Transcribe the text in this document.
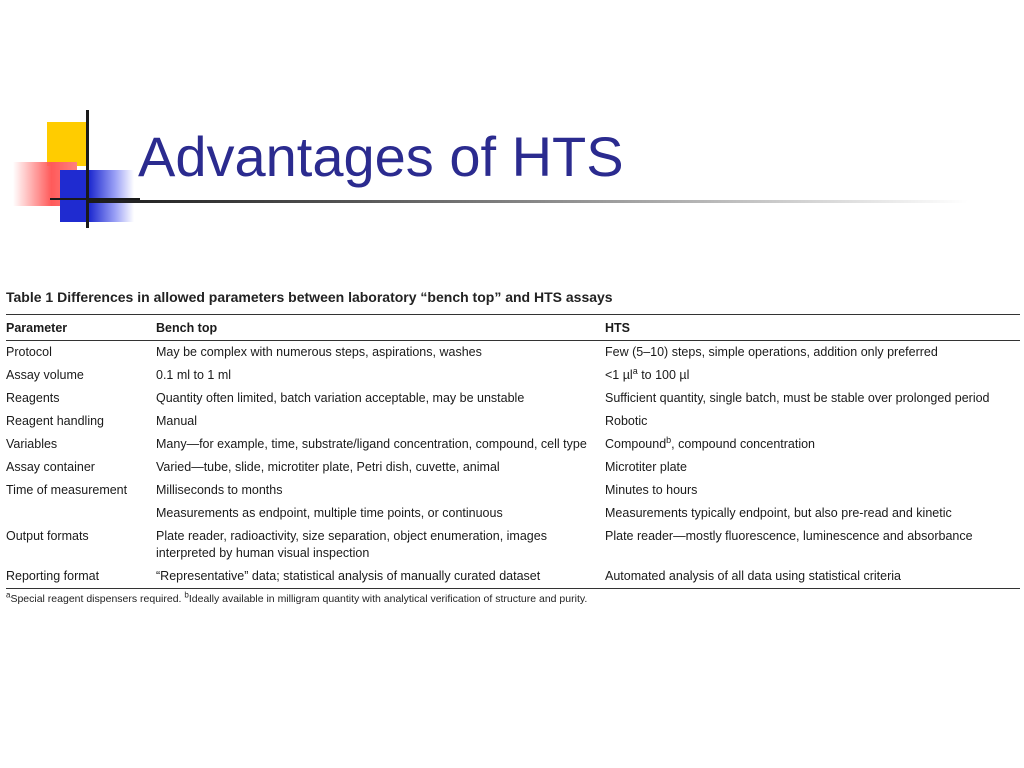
Advantages of HTS
Table 1 Differences in allowed parameters between laboratory “bench top” and HTS assays
Parameter	Bench top	HTS
Protocol	May be complex with numerous steps, aspirations, washes	Few (5–10) steps, simple operations, addition only preferred
Assay volume	0.1 ml to 1 ml	<1 µl$^a$ to 100 µl
Reagents	Quantity often limited, batch variation acceptable, may be unstable	Sufficient quantity, single batch, must be stable over prolonged period
Reagent handling	Manual	Robotic
Variables	Many—for example, time, substrate/ligand concentration, compound, cell type	Compound$^b$, compound concentration
Assay container	Varied—tube, slide, microtiter plate, Petri dish, cuvette, animal	Microtiter plate
Time of measurement	Milliseconds to months	Minutes to hours
	Measurements as endpoint, multiple time points, or continuous	Measurements typically endpoint, but also pre-read and kinetic
Output formats	Plate reader, radioactivity, size separation, object enumeration, images interpreted by human visual inspection	Plate reader—mostly fluorescence, luminescence and absorbance
Reporting format	“Representative” data; statistical analysis of manually curated dataset	Automated analysis of all data using statistical criteria
$^a$Special reagent dispensers required. $^b$Ideally available in milligram quantity with analytical verification of structure and purity.
